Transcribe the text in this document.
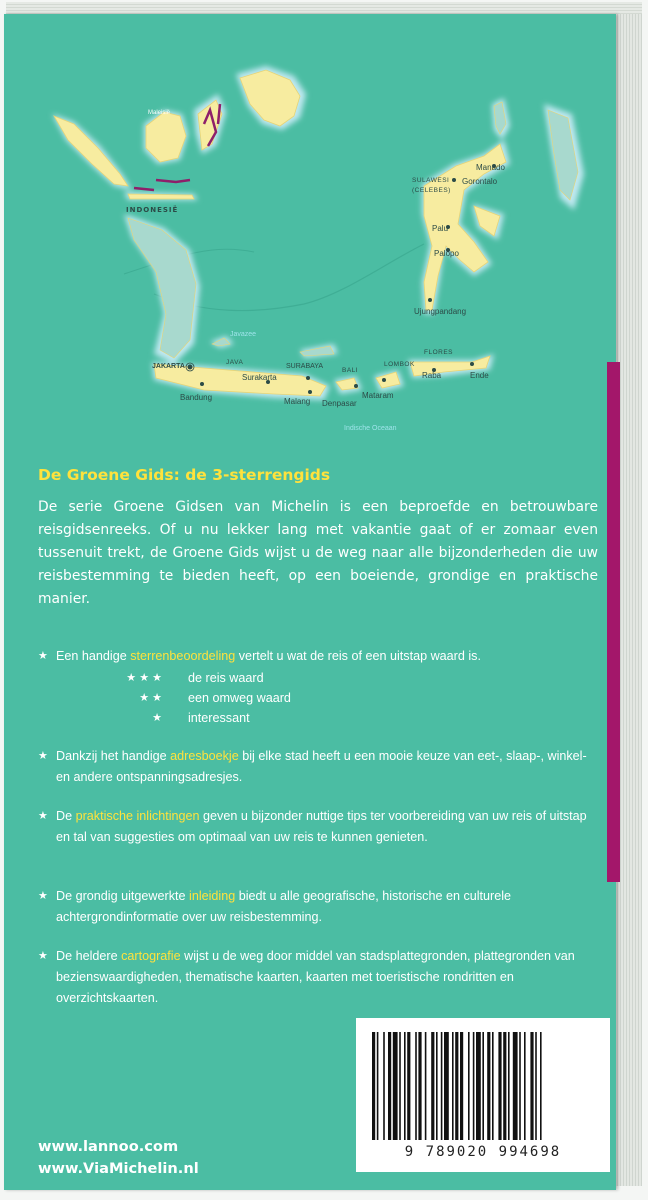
Maleisië
INDONESIË
SULAWESI
(CELEBES)
Manado
Gorontalo
Palu
Palopo
Ujungpandang
Javazee
JAKARTA
JAVA
Bandung
Surakarta
SURABAYA
Malang
BALI
Denpasar
LOMBOK
Mataram
FLORES
Raba	Ende
Indische Oceaan
De Groene Gids: de 3-sterrengids
De serie Groene Gidsen van Michelin is een beproefde en betrouwbare reisgidsenreeks. Of u nu lekker lang met vakantie gaat of er zomaar even tussenuit trekt, de Groene Gids wijst u de weg naar alle bijzonderheden die uw reisbestemming te bieden heeft, op een boeiende, grondige en praktische manier.
★ Een handige sterrenbeoordeling vertelt u wat de reis of een uitstap waard is.
★ ★ ★	de reis waard
★ ★	een omweg waard
★	interessant
★ Dankzij het handige adresboekje bij elke stad heeft u een mooie keuze van eet-, slaap-, winkel- en andere ontspanningsadresjes.
★ De praktische inlichtingen geven u bijzonder nuttige tips ter voorbereiding van uw reis of uitstap en tal van suggesties om optimaal van uw reis te kunnen genieten.
★ De grondig uitgewerkte inleiding biedt u alle geografische, historische en culturele achtergrondinformatie over uw reisbestemming.
★ De heldere cartografie wijst u de weg door middel van stadsplattegronden, plattegronden van bezienswaardigheden, thematische kaarten, kaarten met toeristische rondritten en overzichtskaarten.
www.lannoo.com
www.ViaMichelin.nl
9 789020 994698
